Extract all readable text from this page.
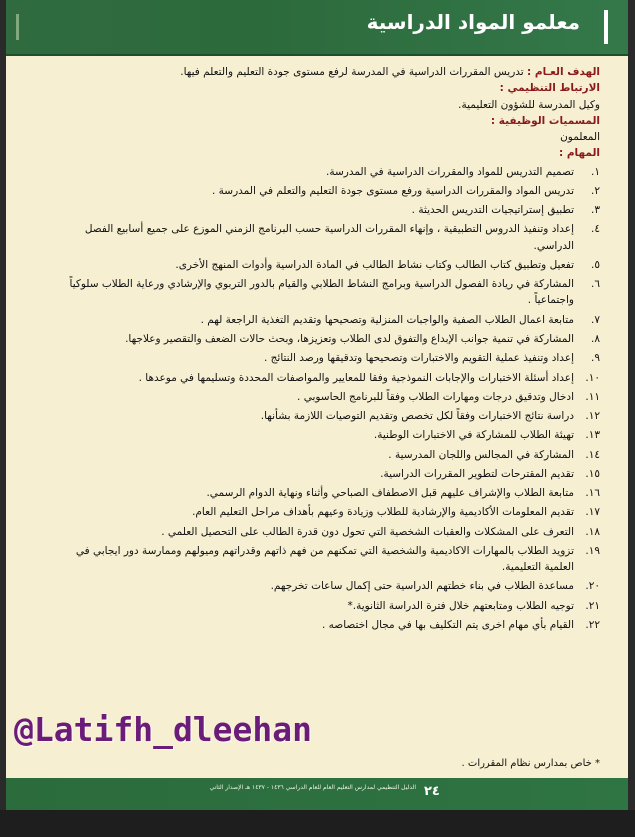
معلمو المواد الدراسية

الهدف العـام : تدريس المقررات الدراسية في المدرسة لرفع مستوى جودة التعليم والتعلم فيها.

الارتباط التنظيمي :

وكيل المدرسة للشؤون التعليمية.

المسميات الوظيفية :

المعلمون

المهام :

١.
تصميم التدريس للمواد والمقررات الدراسية في المدرسة.
٢.
تدريس المواد والمقررات الدراسية ورفع مستوى جودة التعليم والتعلم في المدرسة .
٣.
تطبيق إستراتيجيات التدريس الحديثة .
٤.
إعداد وتنفيذ الدروس التطبيقية ، وإنهاء المقررات الدراسية حسب البرنامج الزمني الموزع على جميع أسابيع الفصل الدراسي.
٥.
تفعيل وتطبيق كتاب الطالب وكتاب نشاط الطالب في المادة الدراسية وأدوات المنهج الأخرى.
٦.
المشاركة في ريادة الفصول الدراسية وبرامج النشاط الطلابي والقيام بالدور التربوي والإرشادي ورعاية الطلاب سلوكياً واجتماعياً .
٧.
متابعة اعمال الطلاب الصفية والواجبات المنزلية وتصحيحها وتقديم التغذية الراجعة لهم .
٨.
المشاركة في تنمية جوانب الإبداع والتفوق لدى الطلاب وتعزيزها، وبحث حالات الضعف والتقصير وعلاجها.
٩.
إعداد وتنفيذ عملية التقويم والاختبارات وتصحيحها وتدقيقها ورصد النتائج .
١٠.
إعداد أسئلة الاختبارات والإجابات النموذجية وفقا للمعايير والمواصفات المحددة وتسليمها في موعدها .
١١.
ادخال وتدقيق درجات ومهارات الطلاب وفقاً للبرنامج الحاسوبي .
١٢.
دراسة نتائج الاختبارات وفقاً لكل تخصص وتقديم التوصيات اللازمة بشأنها.
١٣.
تهيئة الطلاب للمشاركة في الاختبارات الوطنية.
١٤.
المشاركة في المجالس واللجان المدرسية .
١٥.
تقديم المقترحات لتطوير المقررات الدراسية.
١٦.
متابعة الطلاب والإشراف عليهم قبل الاصطفاف الصباحي وأثناء ونهاية الدوام الرسمي.
١٧.
تقديم المعلومات الأكاديمية والإرشادية للطلاب وزيادة وعيهم بأهداف مراحل التعليم العام.
١٨.
التعرف على المشكلات والعقبات الشخصية التي تحول دون قدرة الطالب على التحصيل العلمي .
١٩.
تزويد الطلاب بالمهارات الاكاديمية والشخصية التي تمكنهم من فهم ذاتهم وقدراتهم وميولهم وممارسة دور ايجابي في العلمية التعليمية.
٢٠.
مساعدة الطلاب في بناء خطتهم الدراسية حتى إكمال ساعات تخرجهم.
٢١.
توجيه الطلاب ومتابعتهم خلال فترة الدراسة الثانوية.*
٢٢.
القيام بأي مهام اخرى يتم التكليف بها في مجال اختصاصه .
* خاص بمدارس نظام المقررات .
الدليل التنظيمي لمدارس التعليم العام للعام الدراسي ١٤٣٦ - ١٤٣٧ هـ الإصدار الثاني ٢٤
@Latifh_dleehan
